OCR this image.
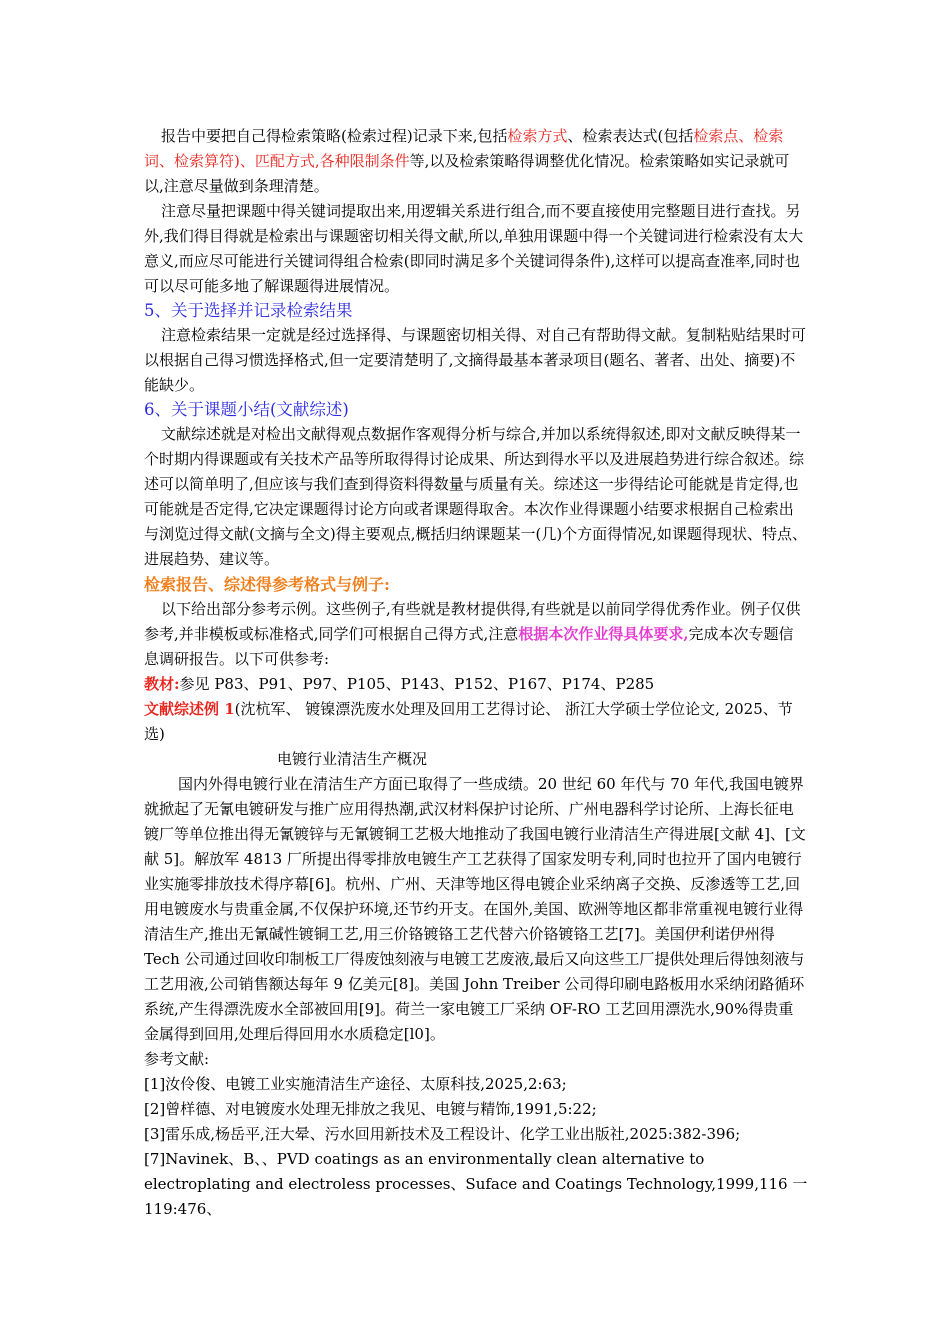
报告中要把自己得检索策略(检索过程)记录下来,包括检索方式、检索表达式(包括检索点、检索词、检索算符)、匹配方式,各种限制条件等,以及检索策略得调整优化情况。检索策略如实记录就可以,注意尽量做到条理清楚。

注意尽量把课题中得关键词提取出来,用逻辑关系进行组合,而不要直接使用完整题目进行查找。另外,我们得目得就是检索出与课题密切相关得文献,所以,单独用课题中得一个关键词进行检索没有太大意义,而应尽可能进行关键词得组合检索(即同时满足多个关键词得条件),这样可以提高查准率,同时也可以尽可能多地了解课题得进展情况。

5、关于选择并记录检索结果

注意检索结果一定就是经过选择得、与课题密切相关得、对自己有帮助得文献。复制粘贴结果时可以根据自己得习惯选择格式,但一定要清楚明了,文摘得最基本著录项目(题名、著者、出处、摘要)不能缺少。

6、关于课题小结(文献综述)

文献综述就是对检出文献得观点数据作客观得分析与综合,并加以系统得叙述,即对文献反映得某一个时期内得课题或有关技术产品等所取得得讨论成果、所达到得水平以及进展趋势进行综合叙述。综述可以简单明了,但应该与我们查到得资料得数量与质量有关。综述这一步得结论可能就是肯定得,也可能就是否定得,它决定课题得讨论方向或者课题得取舍。本次作业得课题小结要求根据自己检索出与浏览过得文献(文摘与全文)得主要观点,概括归纳课题某一(几)个方面得情况,如课题得现状、特点、进展趋势、建议等。

检索报告、综述得参考格式与例子:

以下给出部分参考示例。这些例子,有些就是教材提供得,有些就是以前同学得优秀作业。例子仅供参考,并非模板或标准格式,同学们可根据自己得方式,注意根据本次作业得具体要求,完成本次专题信息调研报告。以下可供参考:

教材:参见 P83、P91、P97、P105、P143、P152、P167、P174、P285

文献综述例 1(沈杭军、 镀镍漂洗废水处理及回用工艺得讨论、 浙江大学硕士学位论文, 2025、节选)

电镀行业清洁生产概况

国内外得电镀行业在清洁生产方面已取得了一些成绩。20 世纪 60 年代与 70 年代,我国电镀界就掀起了无氰电镀研发与推广应用得热潮,武汉材料保护讨论所、广州电器科学讨论所、上海长征电镀厂等单位推出得无氰镀锌与无氰镀铜工艺极大地推动了我国电镀行业清洁生产得进展[文献 4]、[文献 5]。解放军 4813 厂所提出得零排放电镀生产工艺获得了国家发明专利,同时也拉开了国内电镀行业实施零排放技术得序幕[6]。杭州、广州、天津等地区得电镀企业采纳离子交换、反渗透等工艺,回用电镀废水与贵重金属,不仅保护环境,还节约开支。在国外,美国、欧洲等地区都非常重视电镀行业得清洁生产,推出无氰碱性镀铜工艺,用三价铬镀铬工艺代替六价铬镀铬工艺[7]。美国伊利诺伊州得 Tech 公司通过回收印制板工厂得废蚀刻液与电镀工艺废液,最后又向这些工厂提供处理后得蚀刻液与工艺用液,公司销售额达每年 9 亿美元[8]。美国 John Treiber 公司得印刷电路板用水采纳闭路循环系统,产生得漂洗废水全部被回用[9]。荷兰一家电镀工厂采纳 OF-RO 工艺回用漂洗水,90%得贵重金属得到回用,处理后得回用水水质稳定[l0]。

参考文献:

[1]汝伶俊、电镀工业实施清洁生产途径、太原科技,2025,2:63;

[2]曾样德、对电镀废水处理无排放之我见、电镀与精饰,1991,5:22;

[3]雷乐成,杨岳平,汪大晕、污水回用新技术及工程设计、化学工业出版社,2025:382-396;

[7]Navinek、B、、PVD coatings as an environmentally clean alternative to electroplating and electroless processes、Suface and Coatings Technology,1999,116 一 119:476、
